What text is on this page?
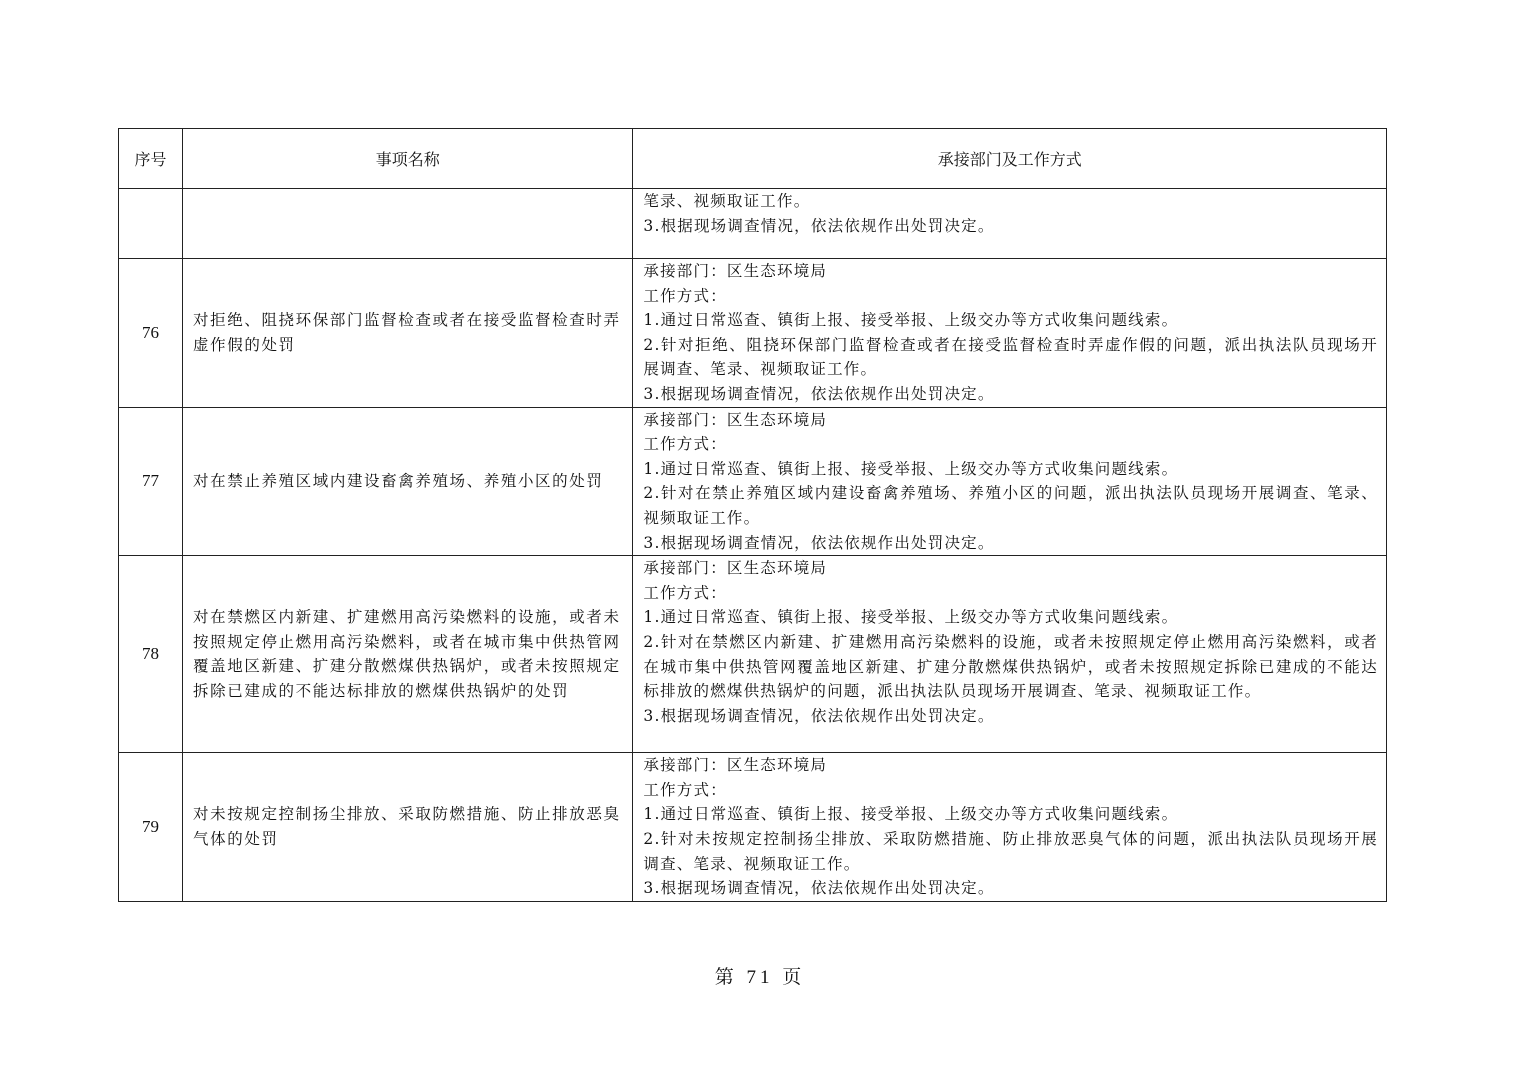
序号	事项名称	承接部门及工作方式

		笔录、视频取证工作。
3.根据现场调查情况，依法依规作出处罚决定。

76	对拒绝、阻挠环保部门监督检查或者在接受监督检查时弄虚作假的处罚	承接部门：区生态环境局
工作方式：
1.通过日常巡查、镇街上报、接受举报、上级交办等方式收集问题线索。
2.针对拒绝、阻挠环保部门监督检查或者在接受监督检查时弄虚作假的问题，派出执法队员现场开展调查、笔录、视频取证工作。
3.根据现场调查情况，依法依规作出处罚决定。

77	对在禁止养殖区域内建设畜禽养殖场、养殖小区的处罚	承接部门：区生态环境局
工作方式：
1.通过日常巡查、镇街上报、接受举报、上级交办等方式收集问题线索。
2.针对在禁止养殖区域内建设畜禽养殖场、养殖小区的问题，派出执法队员现场开展调查、笔录、视频取证工作。
3.根据现场调查情况，依法依规作出处罚决定。

78	对在禁燃区内新建、扩建燃用高污染燃料的设施，或者未按照规定停止燃用高污染燃料，或者在城市集中供热管网覆盖地区新建、扩建分散燃煤供热锅炉，或者未按照规定拆除已建成的不能达标排放的燃煤供热锅炉的处罚	承接部门：区生态环境局
工作方式：
1.通过日常巡查、镇街上报、接受举报、上级交办等方式收集问题线索。
2.针对在禁燃区内新建、扩建燃用高污染燃料的设施，或者未按照规定停止燃用高污染燃料，或者在城市集中供热管网覆盖地区新建、扩建分散燃煤供热锅炉，或者未按照规定拆除已建成的不能达标排放的燃煤供热锅炉的问题，派出执法队员现场开展调查、笔录、视频取证工作。
3.根据现场调查情况，依法依规作出处罚决定。

79	对未按规定控制扬尘排放、采取防燃措施、防止排放恶臭气体的处罚	承接部门：区生态环境局
工作方式：
1.通过日常巡查、镇街上报、接受举报、上级交办等方式收集问题线索。
2.针对未按规定控制扬尘排放、采取防燃措施、防止排放恶臭气体的问题，派出执法队员现场开展调查、笔录、视频取证工作。
3.根据现场调查情况，依法依规作出处罚决定。
第 71 页
